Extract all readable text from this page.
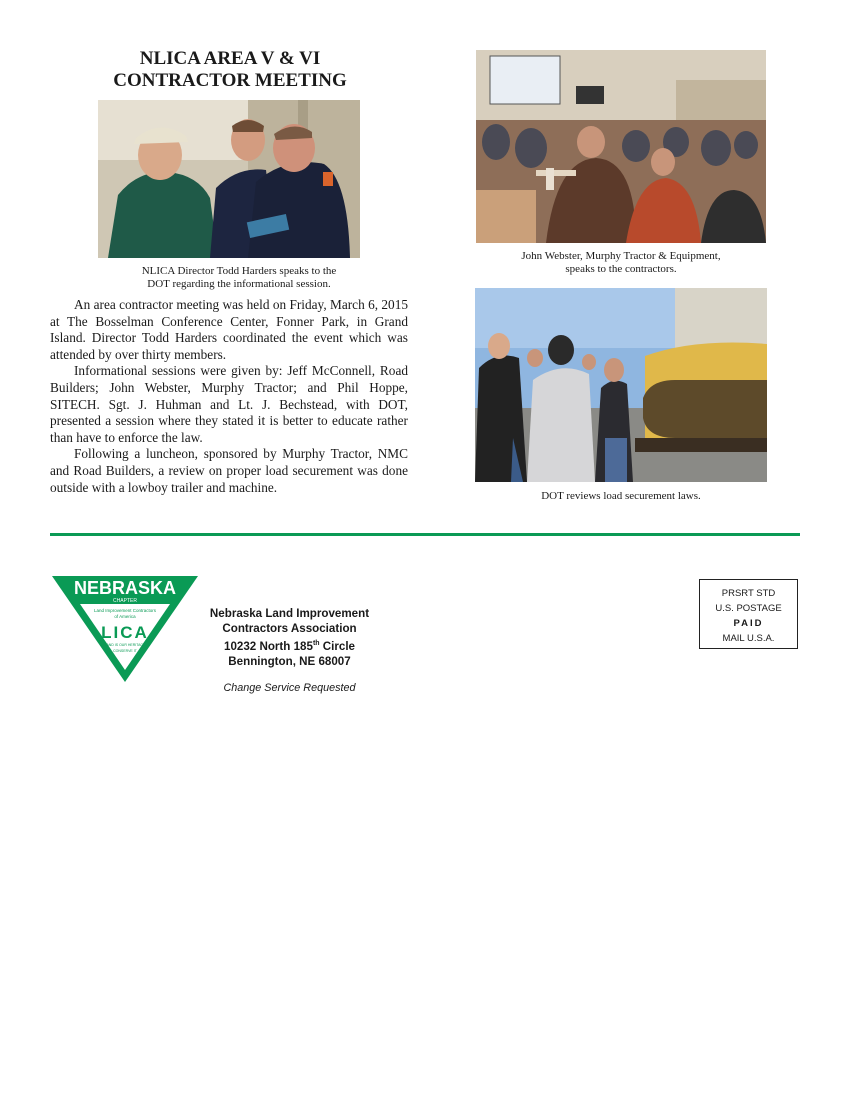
NLICA AREA V & VI
CONTRACTOR MEETING
NLICA Director Todd Harders speaks to the
DOT regarding the informational session.

An area contractor meeting was held on Friday, March 6, 2015 at The Bosselman Conference Center, Fonner Park, in Grand Island. Director Todd Harders coordinated the event which was attended by over thirty members.

Informational sessions were given by: Jeff McConnell, Road Builders; John Webster, Murphy Tractor; and Phil Hoppe, SITECH. Sgt. J. Huhman and Lt. J. Bechstead, with DOT, presented a session where they stated it is better to educate rather than have to enforce the law.

Following a luncheon, sponsored by Murphy Tractor, NMC and Road Builders, a review on proper load securement was done outside with a lowboy trailer and machine.

John Webster, Murphy Tractor & Equipment,
speaks to the contractors.
DOT reviews load securement laws.
NEBRASKA
CHAPTER
Land Improvement Contractors
of America
LICA
LAND IS OUR HERITAGE
CONSERVE IT
Nebraska Land Improvement
Contractors Association
10232 North 185th Circle
Bennington, NE 68007
Change Service Requested
PRSRT STD
U.S. POSTAGE
PAID
MAIL U.S.A.
